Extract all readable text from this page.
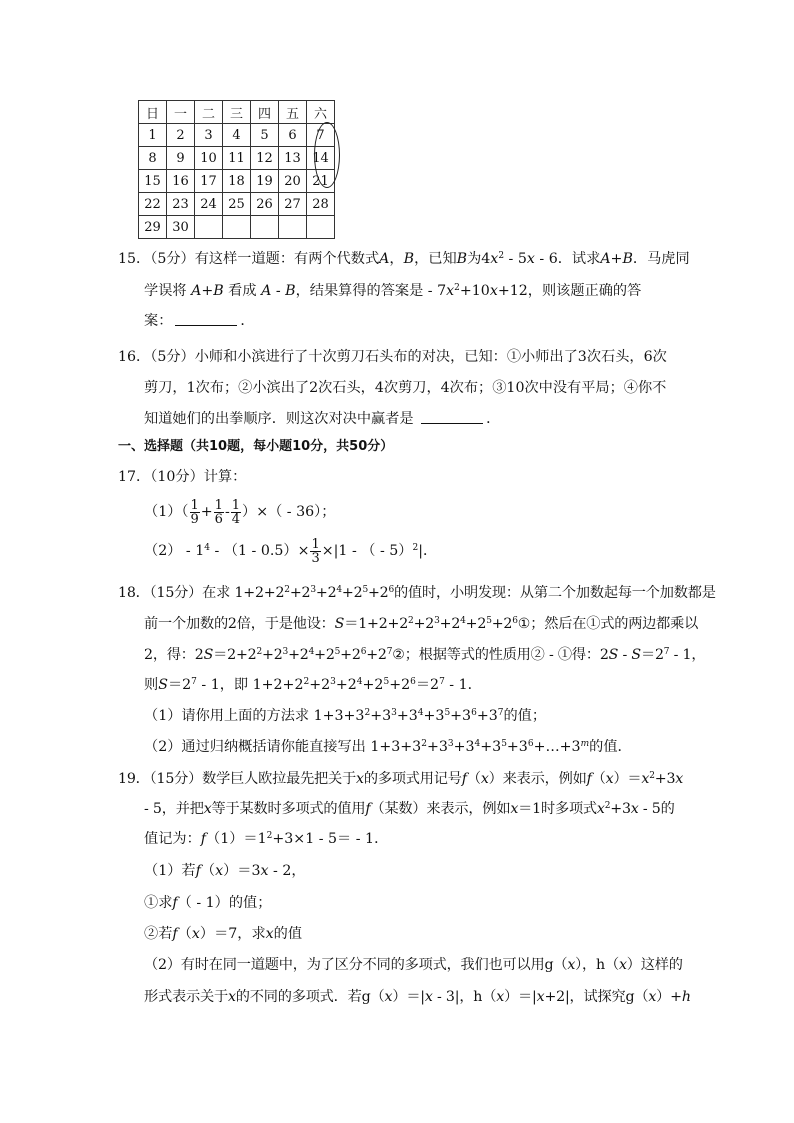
日	一	二	三	四	五	六
1	2	3	4	5	6	7
8	9	10	11	12	13	14
15	16	17	18	19	20	21
22	23	24	25	26	27	28
29	30					
15．（5分）有这样一道题：有两个代数式A，B，已知B为$4x^2 - 5x - 6$．试求A+B．马虎同
学误将 A+B 看成 A - B，结果算得的答案是 - $7x^2+10x+12$，则该题正确的答
案：	．
16．（5分）小师和小滨进行了十次剪刀石头布的对决，已知：①小师出了3次石头，6次
剪刀，1次布；②小滨出了2次石头，4次剪刀，4次布；③10次中没有平局；④你不
知道她们的出拳顺序．则这次对决中赢者是	．
一、选择题（共10题，每小题10分，共50分）
17．（10分）计算：
$(1)( \frac{1}{9} + \frac{1}{6} - \frac{1}{4}$ ）×（ - 36）；
$(2) - 1^4 - (1 - 0.5)\times \frac{1}{3} \times|1$ - （ - 5）$^2$|．
18．（15分）在求 $1+2+2^2+2^3+2^4+2^5+2^6$的值时，小明发现：从第二个加数起每一个加数都是
前一个加数的2倍，于是他设：$S=1+2+2^2+2^3+2^4+2^5+2^6①$；然后在①式的两边都乘以
2，得：$2S=2+2^2+2^3+2^4+2^5+2^6+2^7②$；根据等式的性质用② - ①得：$2S - S=2^7 - 1$，
则$S=2^7 - 1$，即 $1+2+2^2+2^3+2^4+2^5+2^6=2^7 - 1$．
（1）请你用上面的方法求 $1+3+3^2+3^3+3^4+3^5+3^6+3^7$的值；
（2）通过归纳概括请你能直接写出 $1+3+3^2+3^3+3^4+3^5+3^6+\dots+3^m$的值．
19．（15分）数学巨人欧拉最先把关于x的多项式用记号f（x）来表示，例如$f(x)=x^2+3x$
- 5，并把x等于某数时多项式的值用f（某数）来表示，例如x＝1时多项式$x^2+3x - 5$的
值记为：$f(1)=1^2+3\times 1 - 5= - 1$．
（1）若f（x）＝3x - 2，
①求f（ - 1）的值；
②若f（x）＝7，求x的值
（2）有时在同一道题中，为了区分不同的多项式，我们也可以用g（x），h（x）这样的
形式表示关于x的不同的多项式．若g（x）＝|x - 3|，h（x）＝|x+2|，试探究g（x）+h
